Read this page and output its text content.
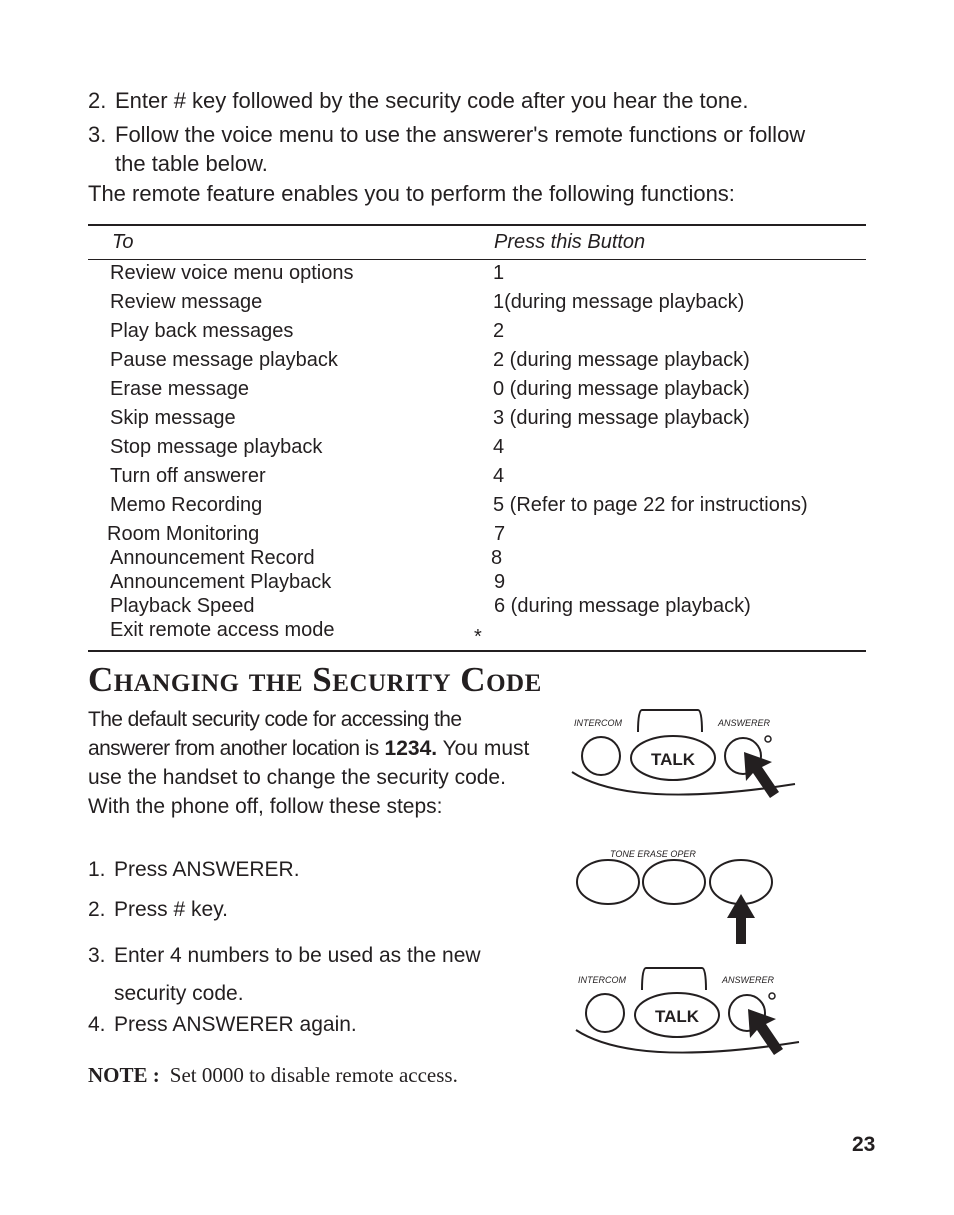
2. Enter # key followed by the security code after you hear the tone.
3. Follow the voice menu to use the answerer's remote functions or follow
the table below.
The remote feature enables you to perform the following functions:
To	Press this Button
Review voice menu options	1
Review message	1(during message playback)
Play back messages	2
Pause message playback	2 (during message playback)
Erase message	0 (during message playback)
Skip message	3 (during message playback)
Stop message playback	4
Turn off answerer	4
Memo Recording	5 (Refer to page 22 for instructions)
Room Monitoring	7
Announcement Record	8
Announcement Playback	9
Playback Speed	6 (during message playback)
Exit remote access mode	*
Changing the Security Code
The default security code for accessing the answerer from another location is 1234. You must use the handset to change the security code. With the phone off, follow these steps:
1. Press ANSWERER.
2. Press # key.
3. Enter 4 numbers to be used as the new
security code.
4. Press ANSWERER again.
NOTE : Set 0000 to disable remote access.
INTERCOM	ANSWERER
TALK
TONE ERASE OPER
INTERCOM	ANSWERER
TALK
23
